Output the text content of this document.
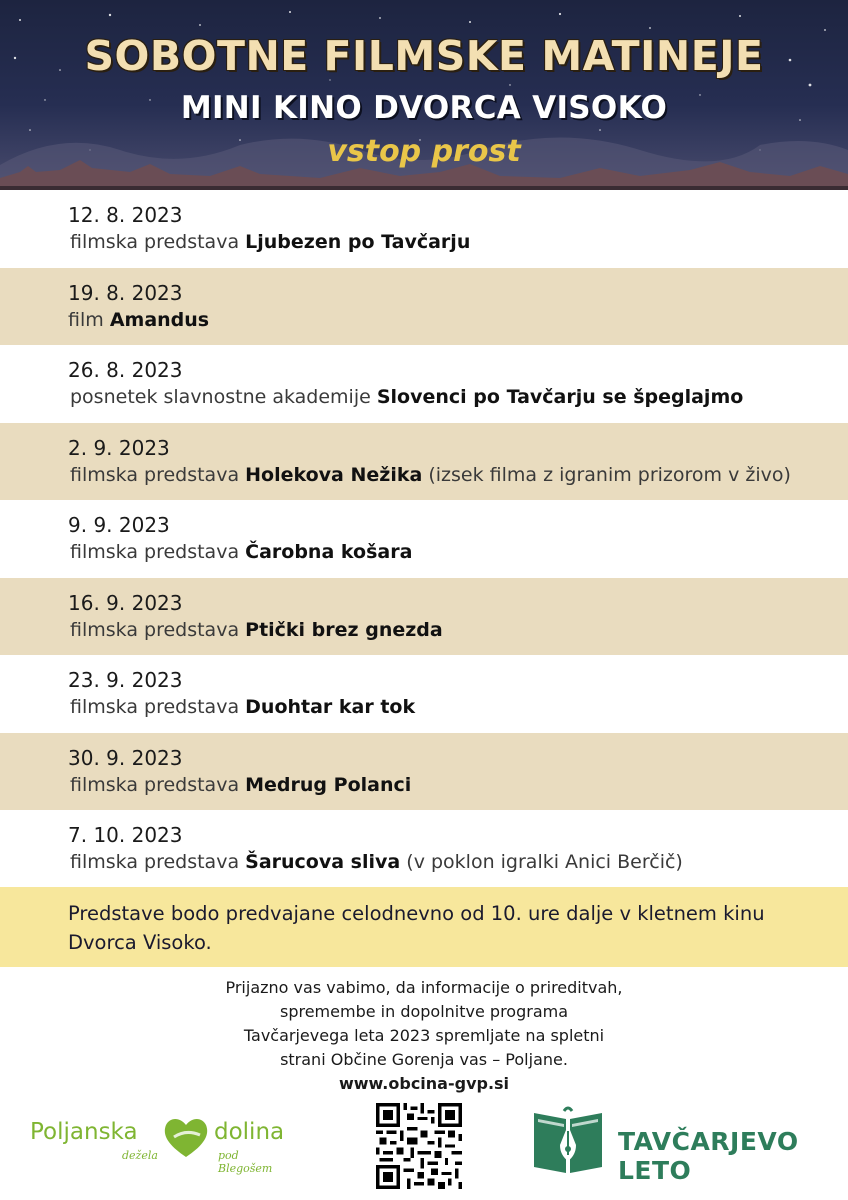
SOBOTNE FILMSKE MATINEJE
MINI KINO DVORCA VISOKO
vstop prost
12. 8. 2023
filmska predstava Ljubezen po Tavčarju
19. 8. 2023
film Amandus
26. 8. 2023
posnetek slavnostne akademije Slovenci po Tavčarju se špeglajmo
2. 9. 2023
filmska predstava Holekova Nežika (izsek filma z igranim prizorom v živo)
9. 9. 2023
filmska predstava Čarobna košara
16. 9. 2023
filmska predstava Ptički brez gnezda
23. 9. 2023
filmska predstava Duohtar kar tok
30. 9. 2023
filmska predstava Medrug Polanci
7. 10. 2023
filmska predstava Šarucova sliva (v poklon igralki Anici Berčič)
Predstave bodo predvajane celodnevno od 10. ure dalje v kletnem kinu
Dvorca Visoko.
Prijazno vas vabimo, da informacije o prireditvah,
spremembe in dopolnitve programa
Tavčarjevega leta 2023 spremljate na spletni
strani Občine Gorenja vas – Poljane.
www.obcina-gvp.si
Poljanska	dolina
dežela	pod Blegošem
TAVČARJEVO LETO
